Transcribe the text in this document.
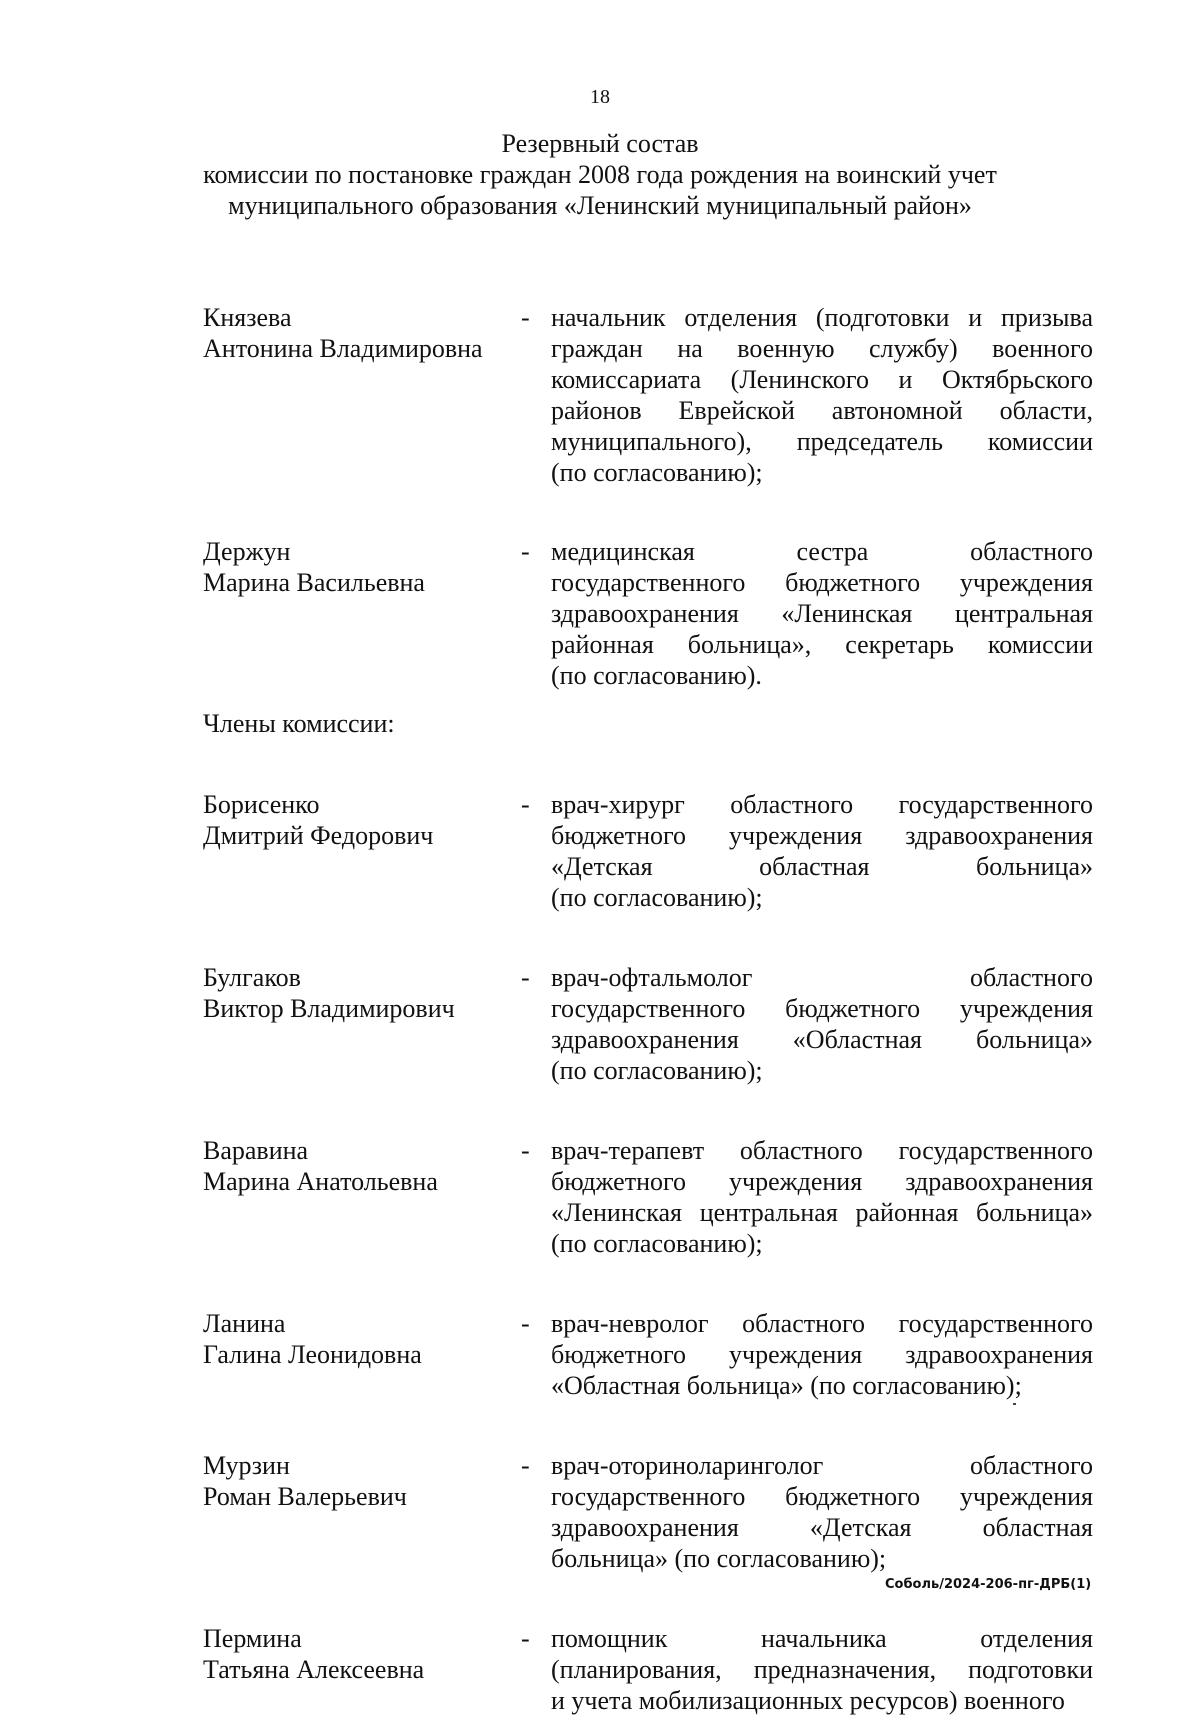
18
Резервный состав
комиссии по постановке граждан 2008 года рождения на воинский учет
муниципального образования «Ленинский муниципальный район»
Князева
Антонина Владимировна
- начальник отделения (подготовки и призыва
граждан на военную службу) военного
комиссариата (Ленинского и Октябрьского
районов Еврейской автономной области,
муниципального), председатель комиссии
(по согласованию);
Держун
Марина Васильевна
- медицинская сестра областного
государственного бюджетного учреждения
здравоохранения «Ленинская центральная
районная больница», секретарь комиссии
(по согласованию).
Члены комиссии:
Борисенко
Дмитрий Федорович
- врач-хирург областного государственного
бюджетного учреждения здравоохранения
«Детская областная больница»
(по согласованию);
Булгаков
Виктор Владимирович
- врач-офтальмолог областного
государственного бюджетного учреждения
здравоохранения «Областная больница»
(по согласованию);
Варавина
Марина Анатольевна
- врач-терапевт областного государственного
бюджетного учреждения здравоохранения
«Ленинская центральная районная больница»
(по согласованию);
Ланина
Галина Леонидовна
- врач-невролог областного государственного
бюджетного учреждения здравоохранения
«Областная больница» (по согласованию);
Мурзин
Роман Валерьевич
- врач-оториноларинголог областного
государственного бюджетного учреждения
здравоохранения «Детская областная
больница» (по согласованию);
Пермина
Татьяна Алексеевна
- помощник начальника отделения
(планирования, предназначения, подготовки
и учета мобилизационных ресурсов) военного
Соболь/2024-206-пг-ДРБ(1)
